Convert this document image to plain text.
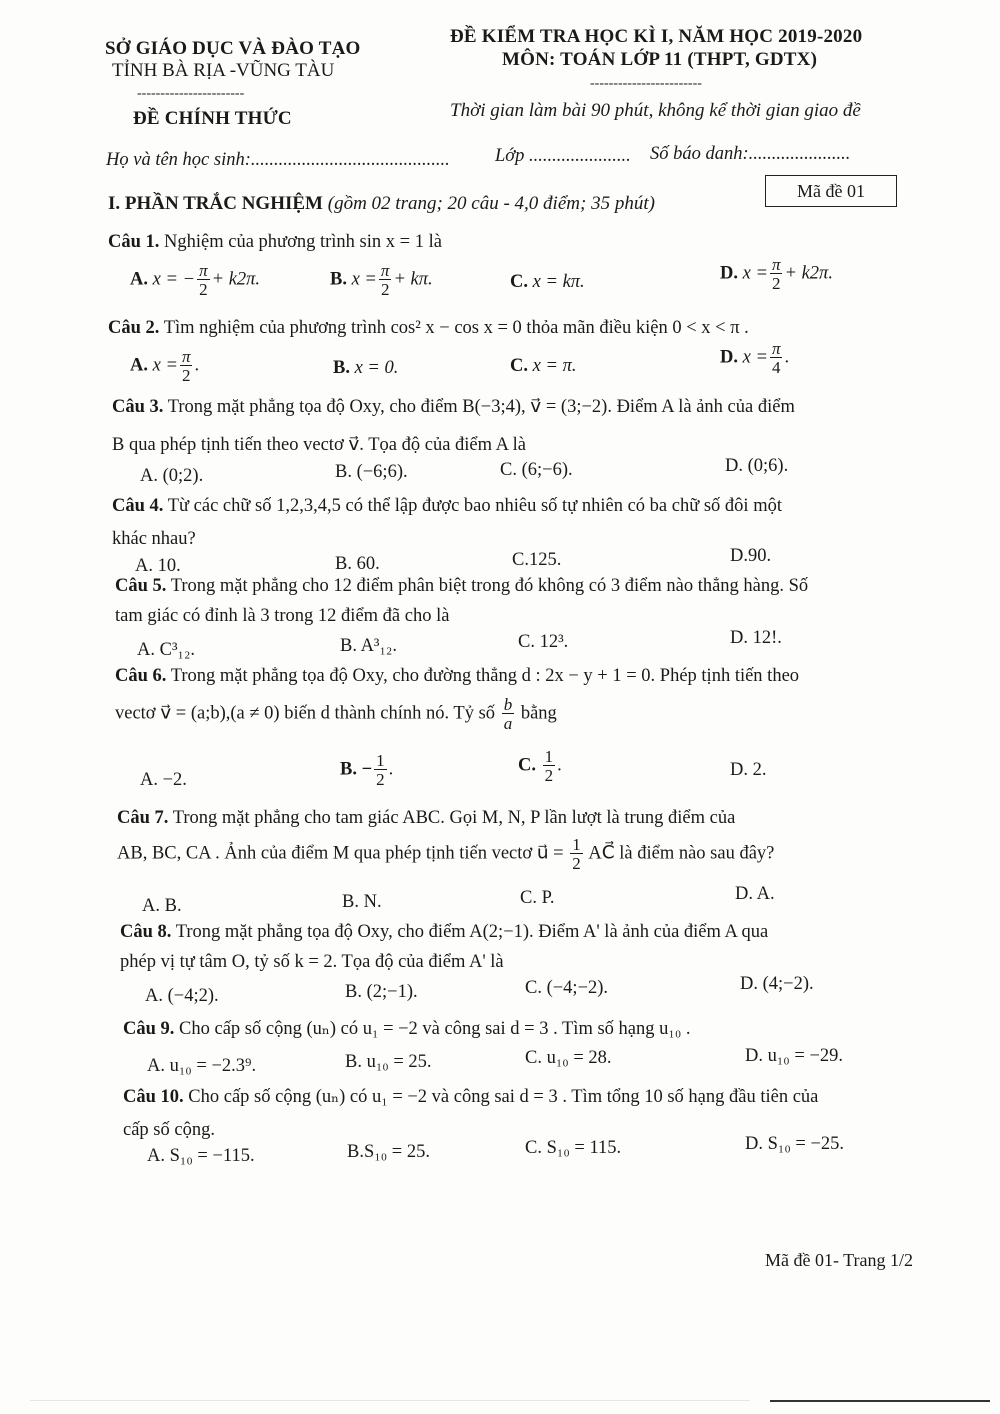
SỞ GIÁO DỤC VÀ ĐÀO TẠO
TỈNH BÀ RỊA -VŨNG TÀU
-----------------------
ĐỀ CHÍNH THỨC
ĐỀ KIỂM TRA HỌC KÌ I, NĂM HỌC 2019-2020
MÔN: TOÁN LỚP 11 (THPT, GDTX)
------------------------
Thời gian làm bài 90 phút, không kể thời gian giao đề
Họ và tên học sinh:........................................... Lớp ...................... Số báo danh:......................
I. PHẦN TRẮC NGHIỆM (gồm 02 trang; 20 câu - 4,0 điểm; 35 phút)
Mã đề 01
Câu 1. Nghiệm của phương trình sin x = 1 là
A. x = − $\frac{\pi}{2} + k2\pi$.	B. $x = \frac{\pi}{2} + k\pi$.	C. x = kπ.	D. $x = \frac{\pi}{2} + k2\pi$.
Câu 2. Tìm nghiệm của phương trình cos² x − cos x = 0 thỏa mãn điều kiện 0 < x < π .
A. $x = \frac{\pi}{2}$ .	B. x = 0.	C. x = π.	D. $x = \frac{\pi}{4}$ .
Câu 3. Trong mặt phẳng tọa độ Oxy, cho điểm B(−3;4), v⃗ = (3;−2). Điểm A là ảnh của điểm
B qua phép tịnh tiến theo vectơ v⃗. Tọa độ của điểm A là
A. (0;2).	B. (−6;6).	C. (6;−6).	D. (0;6).
Câu 4. Từ các chữ số 1,2,3,4,5 có thể lập được bao nhiêu số tự nhiên có ba chữ số đôi một
khác nhau?
A. 10.	B. 60.	C.125.	D.90.
Câu 5. Trong mặt phẳng cho 12 điểm phân biệt trong đó không có 3 điểm nào thẳng hàng. Số
tam giác có đỉnh là 3 trong 12 điểm đã cho là
A. C³₁₂.	B. A³₁₂.	C. 12³.	D. 12!.
Câu 6. Trong mặt phẳng tọa độ Oxy, cho đường thẳng d : 2x − y + 1 = 0. Phép tịnh tiến theo
vectơ v⃗ = (a;b),(a ≠ 0) biến d thành chính nó. Tỷ số $\frac{b}{a}$ bằng
A. −2.
B. − $\frac{1}{2}$ .	C. $\frac{1}{2}$ .	D. 2.
Câu 7. Trong mặt phẳng cho tam giác ABC. Gọi M, N, P lần lượt là trung điểm của
AB, BC, CA . Ảnh của điểm M qua phép tịnh tiến vectơ u⃗ = $\frac{1}{2}$ AC⃗ là điểm nào sau đây?
A. B.	B. N.	C. P.	D. A.
Câu 8. Trong mặt phẳng tọa độ Oxy, cho điểm A(2;−1). Điểm A' là ảnh của điểm A qua
phép vị tự tâm O, tỷ số k = 2. Tọa độ của điểm A' là
A. (−4;2).	B. (2;−1).	C. (−4;−2).	D. (4;−2).
Câu 9. Cho cấp số cộng (uₙ) có u₁ = −2 và công sai d = 3 . Tìm số hạng u₁₀ .
A. u₁₀ = −2.3⁹.	B. u₁₀ = 25.	C. u₁₀ = 28.	D. u₁₀ = −29.
Câu 10. Cho cấp số cộng (uₙ) có u₁ = −2 và công sai d = 3 . Tìm tổng 10 số hạng đầu tiên của
cấp số cộng.
A. S₁₀ = −115.	B.S₁₀ = 25.	C. S₁₀ = 115.	D. S₁₀ = −25.
Mã đề 01- Trang 1/2
